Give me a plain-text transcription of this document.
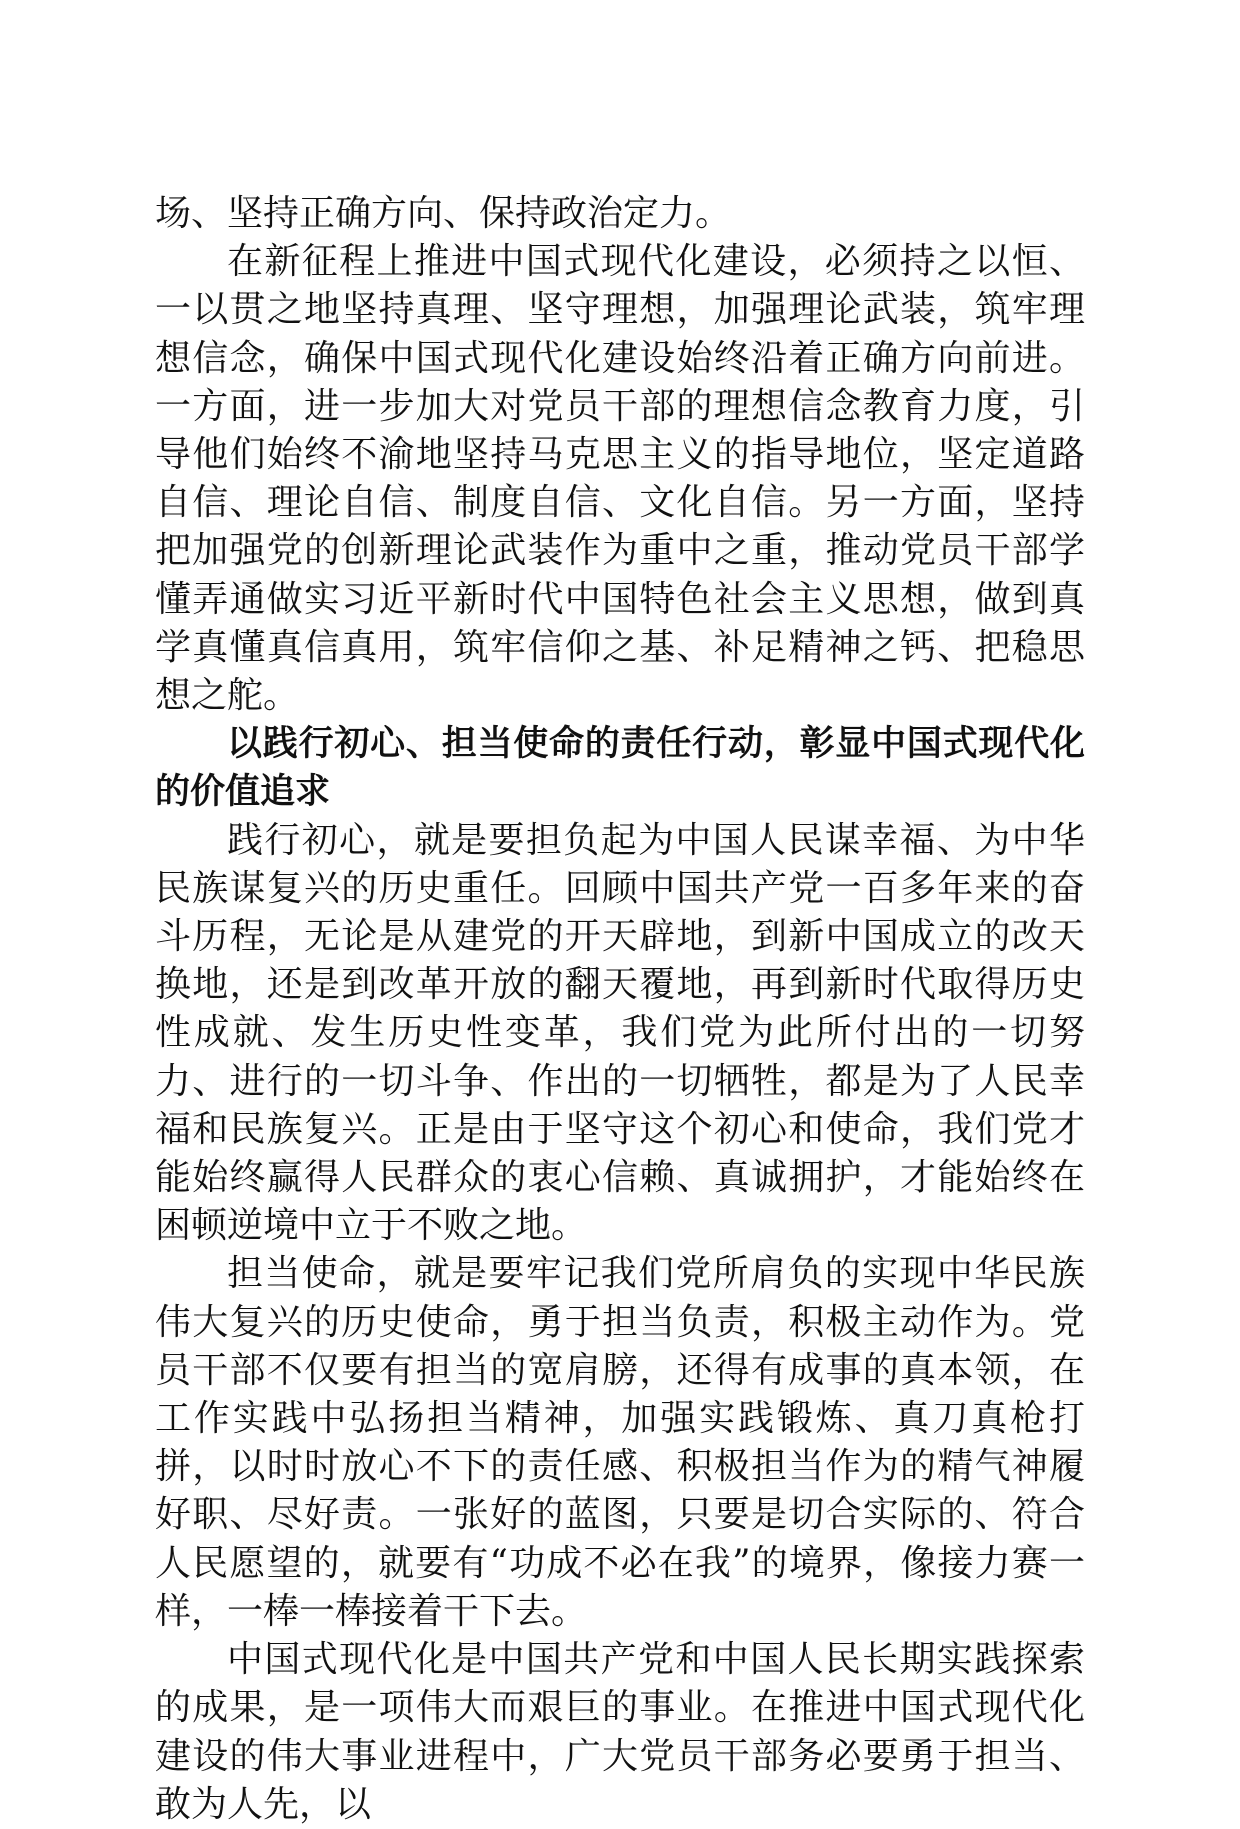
场、坚持正确方向、保持政治定力。

在新征程上推进中国式现代化建设，必须持之以恒、一以贯之地坚持真理、坚守理想，加强理论武装，筑牢理想信念，确保中国式现代化建设始终沿着正确方向前进。一方面，进一步加大对党员干部的理想信念教育力度，引导他们始终不渝地坚持马克思主义的指导地位，坚定道路自信、理论自信、制度自信、文化自信。另一方面，坚持把加强党的创新理论武装作为重中之重，推动党员干部学懂弄通做实习近平新时代中国特色社会主义思想，做到真学真懂真信真用，筑牢信仰之基、补足精神之钙、把稳思想之舵。

以践行初心、担当使命的责任行动，彰显中国式现代化的价值追求

践行初心，就是要担负起为中国人民谋幸福、为中华民族谋复兴的历史重任。回顾中国共产党一百多年来的奋斗历程，无论是从建党的开天辟地，到新中国成立的改天换地，还是到改革开放的翻天覆地，再到新时代取得历史性成就、发生历史性变革，我们党为此所付出的一切努力、进行的一切斗争、作出的一切牺牲，都是为了人民幸福和民族复兴。正是由于坚守这个初心和使命，我们党才能始终赢得人民群众的衷心信赖、真诚拥护，才能始终在困顿逆境中立于不败之地。

担当使命，就是要牢记我们党所肩负的实现中华民族伟大复兴的历史使命，勇于担当负责，积极主动作为。党员干部不仅要有担当的宽肩膀，还得有成事的真本领，在工作实践中弘扬担当精神，加强实践锻炼、真刀真枪打拼，以时时放心不下的责任感、积极担当作为的精气神履好职、尽好责。一张好的蓝图，只要是切合实际的、符合人民愿望的，就要有“功成不必在我”的境界，像接力赛一样，一棒一棒接着干下去。

中国式现代化是中国共产党和中国人民长期实践探索的成果，是一项伟大而艰巨的事业。在推进中国式现代化建设的伟大事业进程中，广大党员干部务必要勇于担当、敢为人先，以
